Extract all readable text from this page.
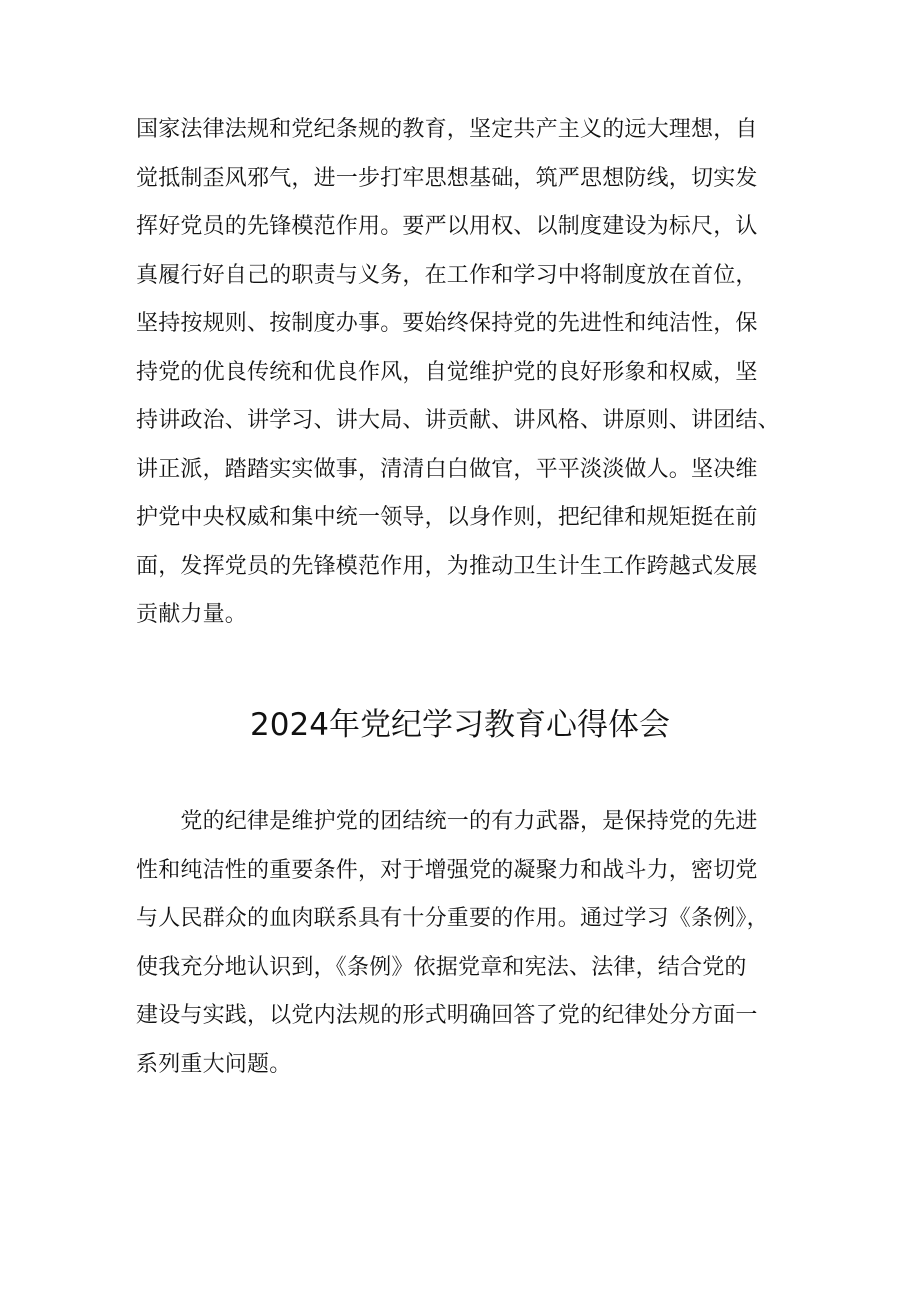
国家法律法规和党纪条规的教育，坚定共产主义的远大理想，自
觉抵制歪风邪气，进一步打牢思想基础，筑严思想防线，切实发
挥好党员的先锋模范作用。要严以用权、以制度建设为标尺，认
真履行好自己的职责与义务，在工作和学习中将制度放在首位，
坚持按规则、按制度办事。要始终保持党的先进性和纯洁性，保
持党的优良传统和优良作风，自觉维护党的良好形象和权威，坚
持讲政治、讲学习、讲大局、讲贡献、讲风格、讲原则、讲团结、
讲正派，踏踏实实做事，清清白白做官，平平淡淡做人。坚决维
护党中央权威和集中统一领导，以身作则，把纪律和规矩挺在前
面，发挥党员的先锋模范作用，为推动卫生计生工作跨越式发展
贡献力量。
2024年党纪学习教育心得体会
　　党的纪律是维护党的团结统一的有力武器，是保持党的先进
性和纯洁性的重要条件，对于增强党的凝聚力和战斗力，密切党
与人民群众的血肉联系具有十分重要的作用。通过学习《条例》，
使我充分地认识到，《条例》依据党章和宪法、法律，结合党的
建设与实践，以党内法规的形式明确回答了党的纪律处分方面一
系列重大问题。
